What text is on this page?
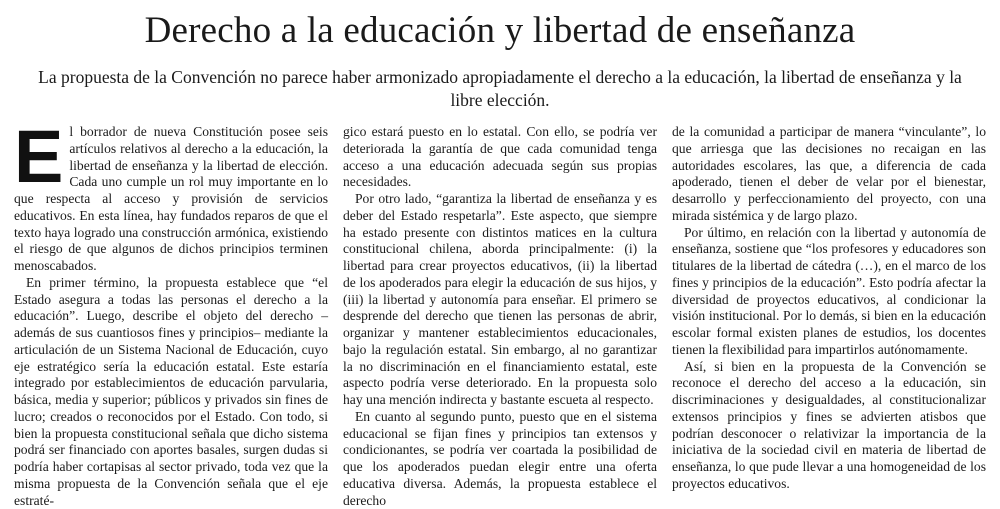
Derecho a la educación y libertad de enseñanza
La propuesta de la Convención no parece haber armonizado apropiadamente el derecho a la educación, la libertad de enseñanza y la libre elección.

El borrador de nueva Constitución posee seis artículos relativos al derecho a la educación, la libertad de enseñanza y la libertad de elección. Cada uno cumple un rol muy importante en lo que respecta al acceso y provisión de servicios educativos. En esta línea, hay fundados reparos de que el texto haya logrado una construcción armónica, existiendo el riesgo de que algunos de dichos principios terminen menoscabados.

En primer término, la propuesta establece que “el Estado asegura a todas las personas el derecho a la educación”. Luego, describe el objeto del derecho –además de sus cuantiosos fines y principios– mediante la articulación de un Sistema Nacional de Educación, cuyo eje estratégico sería la educación estatal. Este estaría integrado por establecimientos de educación parvularia, básica, media y superior; públicos y privados sin fines de lucro; creados o reconocidos por el Estado. Con todo, si bien la propuesta constitucional señala que dicho sistema podrá ser financiado con aportes basales, surgen dudas si podría haber cortapisas al sector privado, toda vez que la misma propuesta de la Convención señala que el eje estraté-

gico estará puesto en lo estatal. Con ello, se podría ver deteriorada la garantía de que cada comunidad tenga acceso a una educación adecuada según sus propias necesidades.

Por otro lado, “garantiza la libertad de enseñanza y es deber del Estado respetarla”. Este aspecto, que siempre ha estado presente con distintos matices en la cultura constitucional chilena, aborda principalmente: (i) la libertad para crear proyectos educativos, (ii) la libertad de los apoderados para elegir la educación de sus hijos, y (iii) la libertad y autonomía para enseñar. El primero se desprende del derecho que tienen las personas de abrir, organizar y mantener establecimientos educacionales, bajo la regulación estatal. Sin embargo, al no garantizar la no discriminación en el financiamiento estatal, este aspecto podría verse deteriorado. En la propuesta solo hay una mención indirecta y bastante escueta al respecto.

En cuanto al segundo punto, puesto que en el sistema educacional se fijan fines y principios tan extensos y condicionantes, se podría ver coartada la posibilidad de que los apoderados puedan elegir entre una oferta educativa diversa. Además, la propuesta establece el derecho

de la comunidad a participar de manera “vinculante”, lo que arriesga que las decisiones no recaigan en las autoridades escolares, las que, a diferencia de cada apoderado, tienen el deber de velar por el bienestar, desarrollo y perfeccionamiento del proyecto, con una mirada sistémica y de largo plazo.

Por último, en relación con la libertad y autonomía de enseñanza, sostiene que “los profesores y educadores son titulares de la libertad de cátedra (…), en el marco de los fines y principios de la educación”. Esto podría afectar la diversidad de proyectos educativos, al condicionar la visión institucional. Por lo demás, si bien en la educación escolar formal existen planes de estudios, los docentes tienen la flexibilidad para impartirlos autónomamente.

Así, si bien en la propuesta de la Convención se reconoce el derecho del acceso a la educación, sin discriminaciones y desigualdades, al constitucionalizar extensos principios y fines se advierten atisbos que podrían desconocer o relativizar la importancia de la iniciativa de la sociedad civil en materia de libertad de enseñanza, lo que pude llevar a una homogeneidad de los proyectos educativos.
